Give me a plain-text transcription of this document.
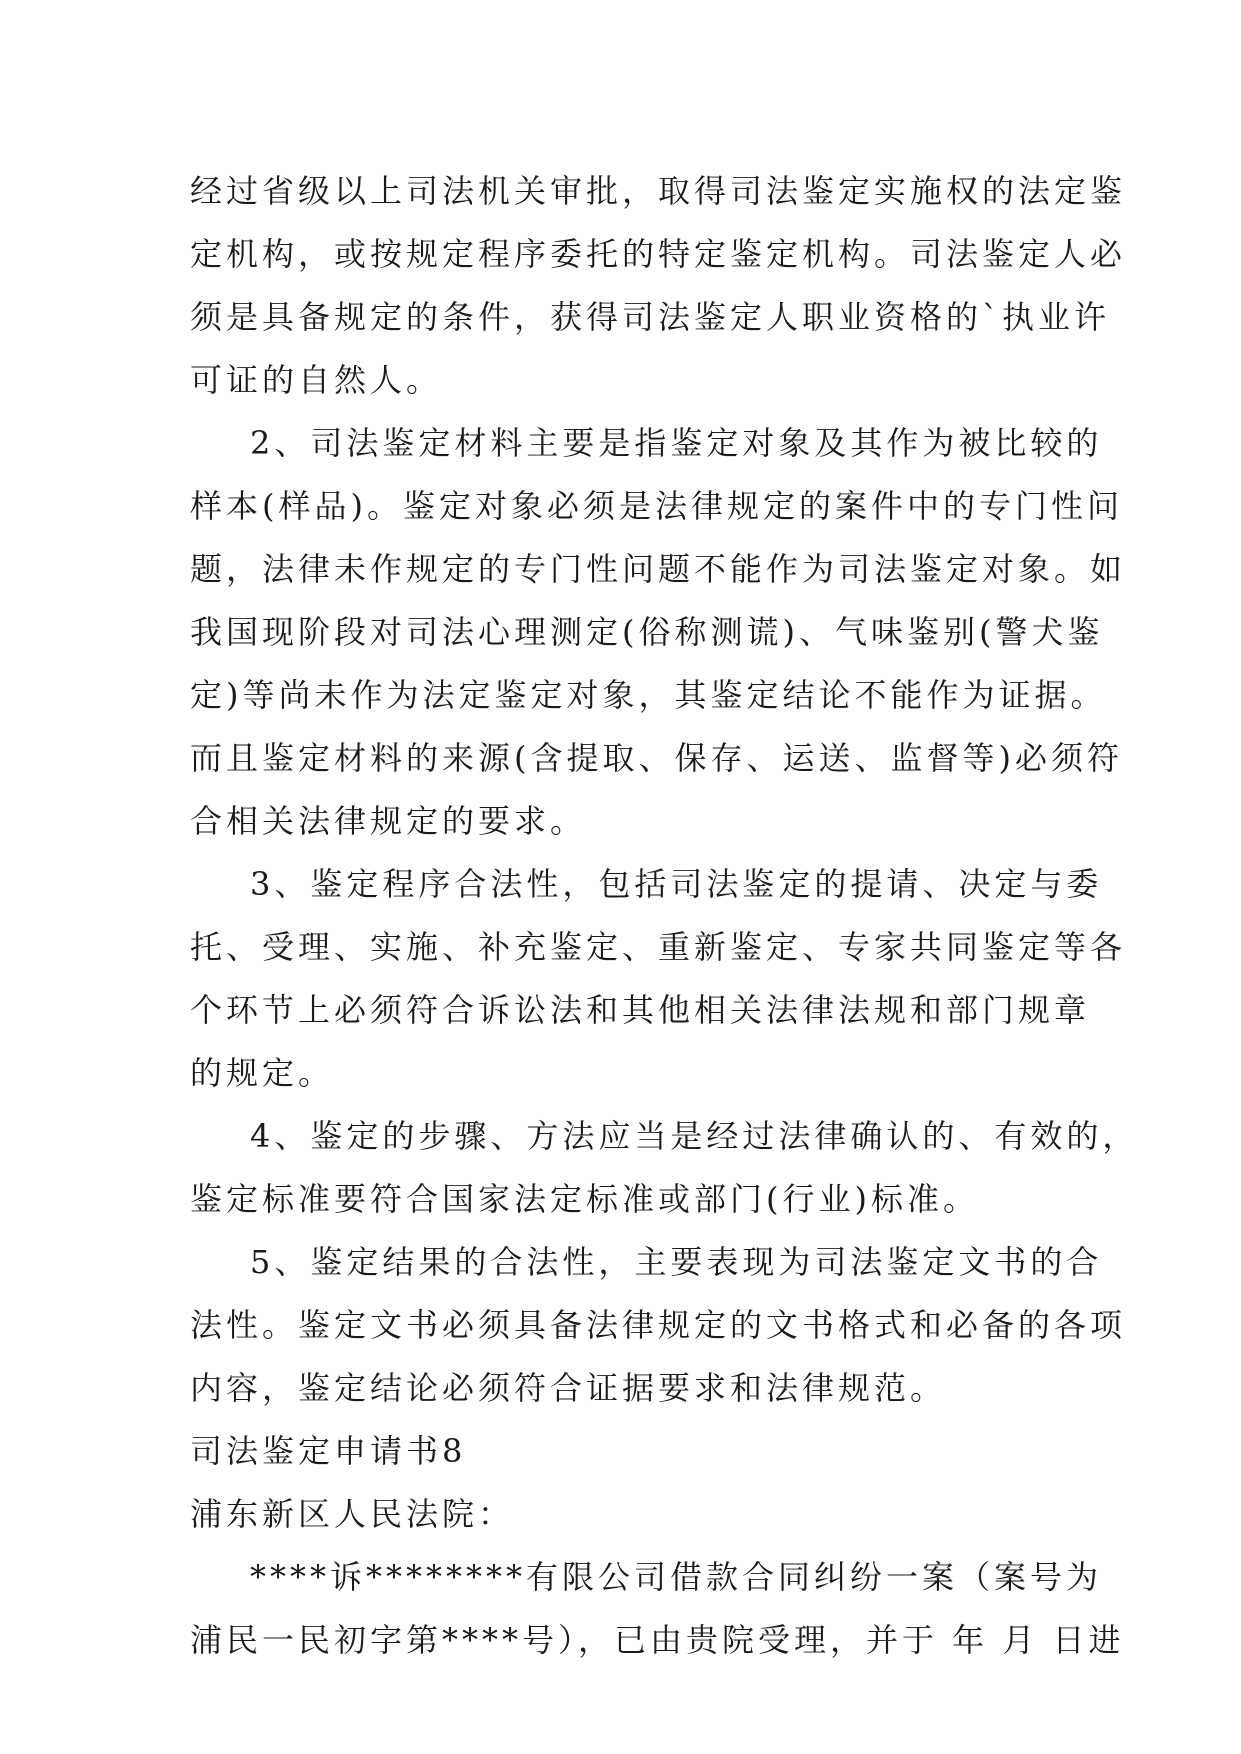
经过省级以上司法机关审批，取得司法鉴定实施权的法定鉴
定机构，或按规定程序委托的特定鉴定机构。司法鉴定人必
须是具备规定的条件，获得司法鉴定人职业资格的`执业许
可证的自然人。

2、司法鉴定材料主要是指鉴定对象及其作为被比较的
样本(样品)。鉴定对象必须是法律规定的案件中的专门性问
题，法律未作规定的专门性问题不能作为司法鉴定对象。如
我国现阶段对司法心理测定(俗称测谎)、气味鉴别(警犬鉴
定)等尚未作为法定鉴定对象，其鉴定结论不能作为证据。
而且鉴定材料的来源(含提取、保存、运送、监督等)必须符
合相关法律规定的要求。

3、鉴定程序合法性，包括司法鉴定的提请、决定与委
托、受理、实施、补充鉴定、重新鉴定、专家共同鉴定等各
个环节上必须符合诉讼法和其他相关法律法规和部门规章
的规定。

4、鉴定的步骤、方法应当是经过法律确认的、有效的，
鉴定标准要符合国家法定标准或部门(行业)标准。

5、鉴定结果的合法性，主要表现为司法鉴定文书的合
法性。鉴定文书必须具备法律规定的文书格式和必备的各项
内容，鉴定结论必须符合证据要求和法律规范。

司法鉴定申请书8

浦东新区人民法院：

****诉********有限公司借款合同纠纷一案（案号为
浦民一民初字第****号），已由贵院受理，并于 年 月 日进
